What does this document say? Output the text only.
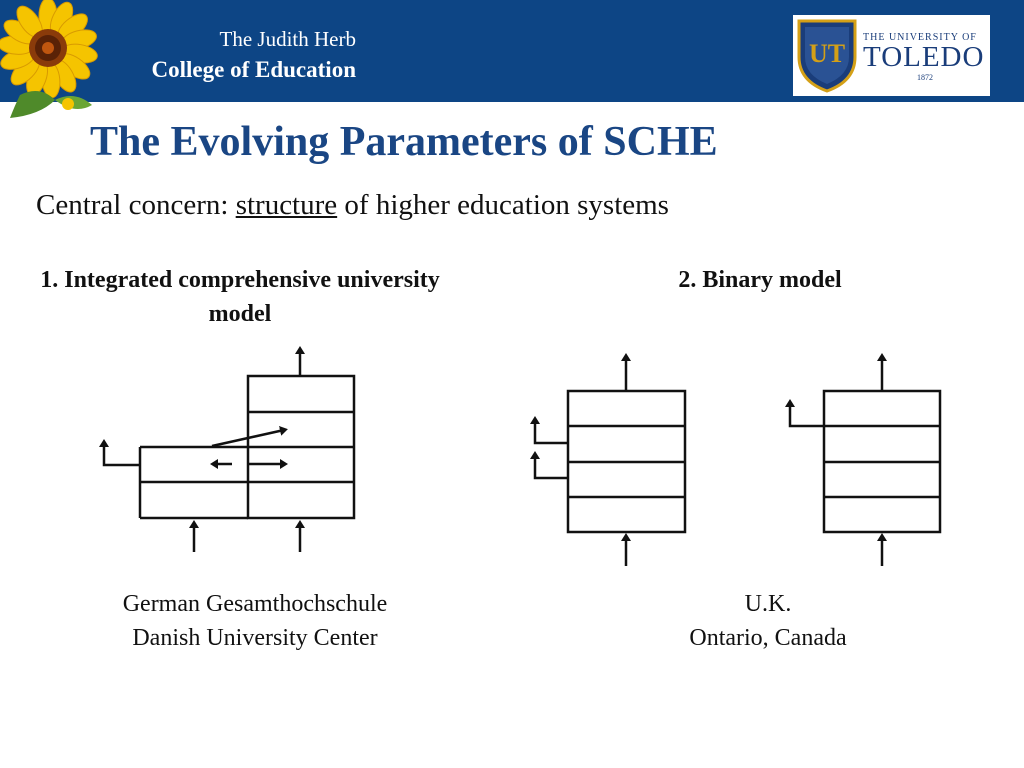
The Judith Herb
College of Education
UT
THE UNIVERSITY OF
TOLEDO
1872
The Evolving Parameters of SCHE
Central concern: structure of higher education systems
1. Integrated comprehensive university model
2. Binary model
German Gesamthochschule
Danish University Center
U.K.
Ontario, Canada
